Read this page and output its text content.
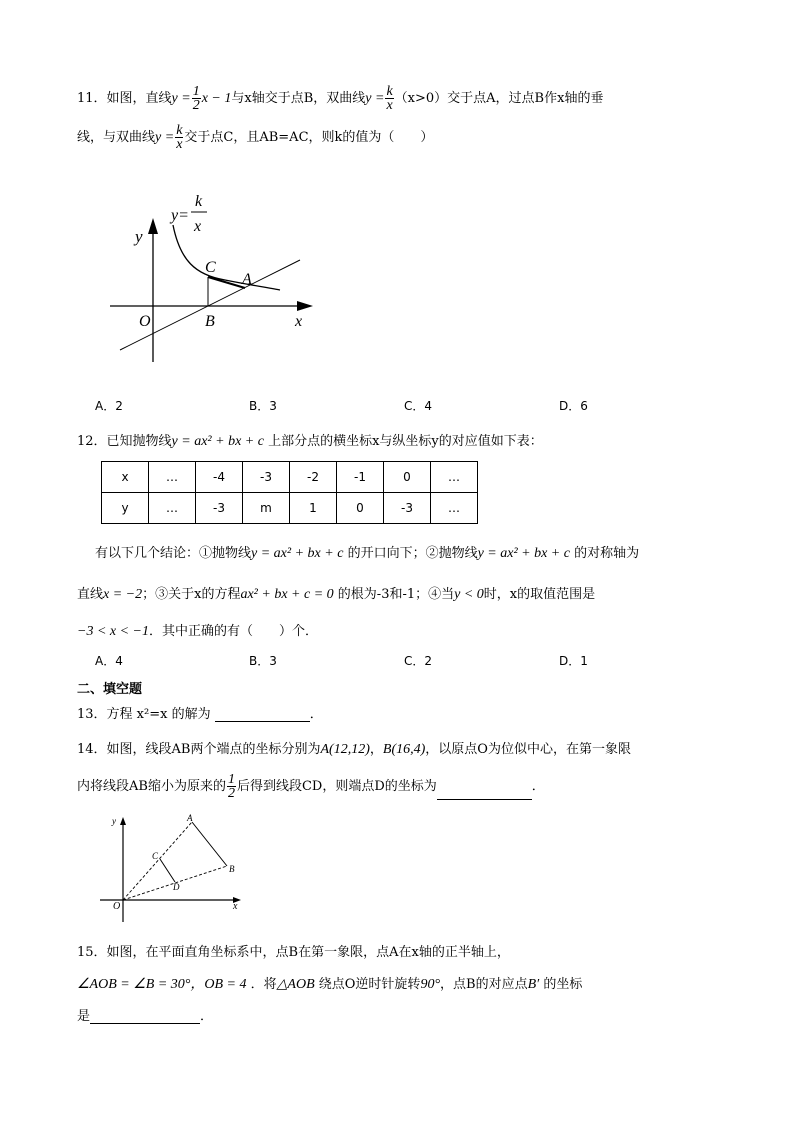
11．如图，直线$y = \frac{1}{2}$ x − 1与x轴交于点B，双曲线$y = \frac{k}{x} (x>0)$交于点A，过点B作x轴的垂
线，与双曲线$y = \frac{k}{x}$ 交于点C，且AB=AC，则k的值为（　　）
y
x
O	B
C
A
y=
k
x
A．2	B．3	C．4	D．6
12．已知抛物线y = ax² + bx + c 上部分点的横坐标x与纵坐标y的对应值如下表：
x	…	-4	-3	-2	-1	0	…
y	…	-3	m	1	0	-3	…
有以下几个结论：①抛物线y = ax² + bx + c 的开口向下；②抛物线y = ax² + bx + c 的对称轴为
直线x = −2；③关于x的方程ax² + bx + c = 0 的根为-3和-1；④当y < 0时，x的取值范围是
−3 < x < −1．其中正确的有（　　）个．
A．4	B．3	C．2	D．1
二、填空题
13．方程 x²=x 的解为	．
14．如图，线段AB两个端点的坐标分别为A(12,12)，B(16,4)，以原点O为位似中心，在第一象限
内将线段AB缩小为原来的 $\frac{1}{2}$ 后得到线段CD，则端点D的坐标为	．
y
x
O
A
B
C
D
15．如图，在平面直角坐标系中，点B在第一象限，点A在x轴的正半轴上，
∠AOB = ∠B = 30°，OB = 4 ．将△AOB 绕点O逆时针旋转90°，点B的对应点B′ 的坐标
是	．
